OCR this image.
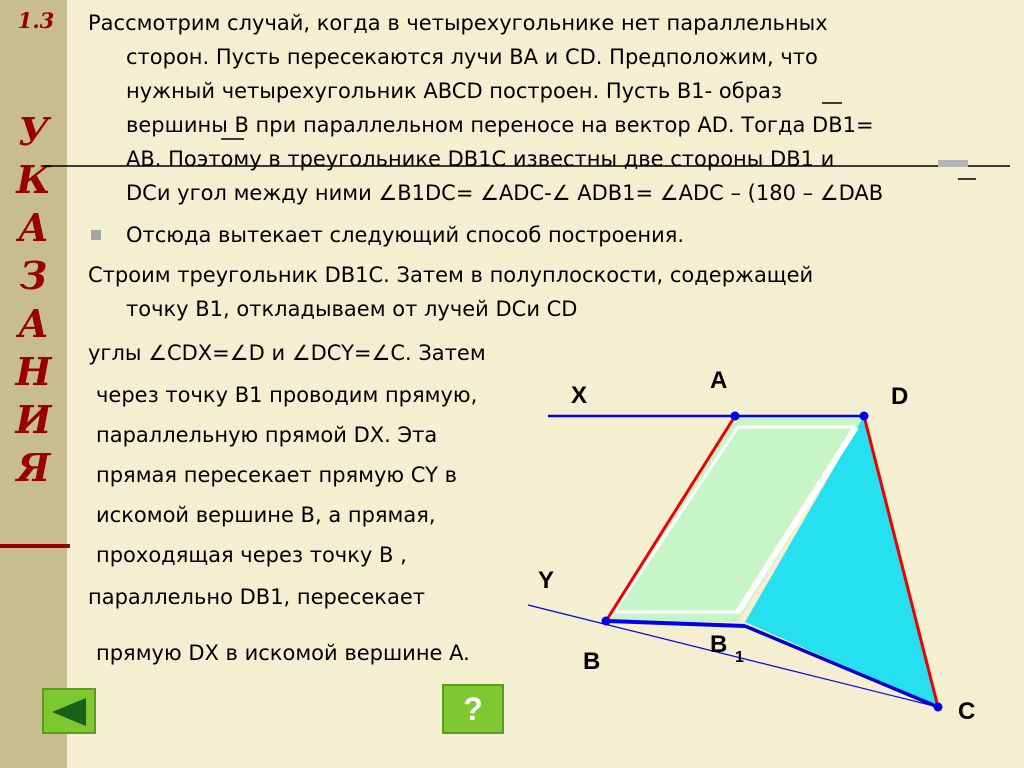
1.3
У
К
А
З
А
Н
И
Я
Рассмотрим случай, когда в четырехугольнике нет параллельных
сторон. Пусть пересекаются лучи BA и CD. Предположим, что
нужный четырехугольник ABCD построен. Пусть B1- образ
вершины B при параллельном переносе на вектор AD. Тогда DB1=
AB. Поэтому в треугольнике DB1C известны две стороны DB1 и
DCи угол между ними ∠B1DC= ∠ADC-∠ ADB1= ∠ADC – (180 – ∠DAB
Отсюда вытекает следующий способ построения.
Строим треугольник DB1C. Затем в полуплоскости, содержащей
точку B1, откладываем от лучей DCи CD
углы ∠CDX=∠D и ∠DCY=∠C. Затем
через точку B1 проводим прямую,
параллельную прямой DX. Эта
прямая пересекает прямую CY в
искомой вершине B, а прямая,
проходящая через точку B ,
параллельно DB1, пересекает
прямую DX в искомой вершине A.
A
D
X
Y
B
B 1
C
?
